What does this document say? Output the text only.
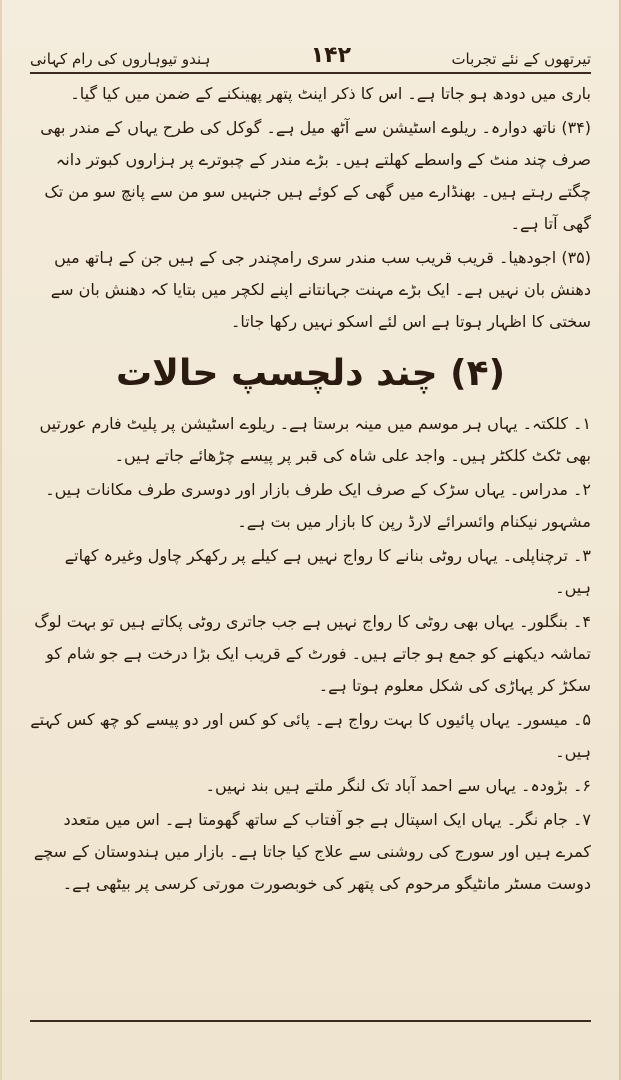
تیرتھوں کے نئے تجربات
۱۴۲
ہندو تیوہاروں کی رام کہانی

باری میں دودھ ہو جاتا ہے۔ اس کا ذکر اینٹ پتھر پھینکنے کے ضمن میں کیا گیا۔

(۳۴) ناتھ دوارہ۔ ریلوے اسٹیشن سے آٹھ میل ہے۔ گوکل کی طرح یہاں کے مندر بھی صرف چند منٹ کے واسطے کھلتے ہیں۔ بڑے مندر کے چبوترے پر ہزاروں کبوتر دانہ چگتے رہتے ہیں۔ بھنڈارے میں گھی کے کوئے ہیں جنہیں سو من سے پانچ سو من تک گھی آتا ہے۔

(۳۵) اجودھیا۔ قریب قریب سب مندر سری رامچندر جی کے ہیں جن کے ہاتھ میں دھنش بان نہیں ہے۔ ایک بڑے مہنت جہانتانے اپنے لکچر میں بتایا کہ دھنش بان سے سختی کا اظہار ہوتا ہے اس لئے اسکو نہیں رکھا جاتا۔

(۴) چند دلچسپ حالات

۱۔ کلکتہ۔ یہاں ہر موسم میں مینہ برستا ہے۔ ریلوے اسٹیشن پر پلیٹ فارم عورتیں بھی ٹکٹ کلکٹر ہیں۔ واجد علی شاہ کی قبر پر پیسے چڑھائے جاتے ہیں۔

۲۔ مدراس۔ یہاں سڑک کے صرف ایک طرف بازار اور دوسری طرف مکانات ہیں۔ مشہور نیکنام وائسرائے لارڈ رپن کا بازار میں بت ہے۔

۳۔ ترچناپلی۔ یہاں روٹی بنانے کا رواج نہیں ہے کیلے پر رکھکر چاول وغیرہ کھاتے ہیں۔

۴۔ بنگلور۔ یہاں بھی روٹی کا رواج نہیں ہے جب جاتری روٹی پکاتے ہیں تو بہت لوگ تماشہ دیکھنے کو جمع ہو جاتے ہیں۔ فورٹ کے قریب ایک بڑا درخت ہے جو شام کو سکڑ کر پہاڑی کی شکل معلوم ہوتا ہے۔

۵۔ میسور۔ یہاں پائیوں کا بہت رواج ہے۔ پائی کو کس اور دو پیسے کو چھ کس کہتے ہیں۔

۶۔ بڑودہ۔ یہاں سے احمد آباد تک لنگر ملتے ہیں بند نہیں۔

۷۔ جام نگر۔ یہاں ایک اسپتال ہے جو آفتاب کے ساتھ گھومتا ہے۔ اس میں متعدد کمرے ہیں اور سورج کی روشنی سے علاج کیا جاتا ہے۔ بازار میں ہندوستان کے سچے دوست مسٹر مانٹیگو مرحوم کی پتھر کی خوبصورت مورتی کرسی پر بیٹھی ہے۔
